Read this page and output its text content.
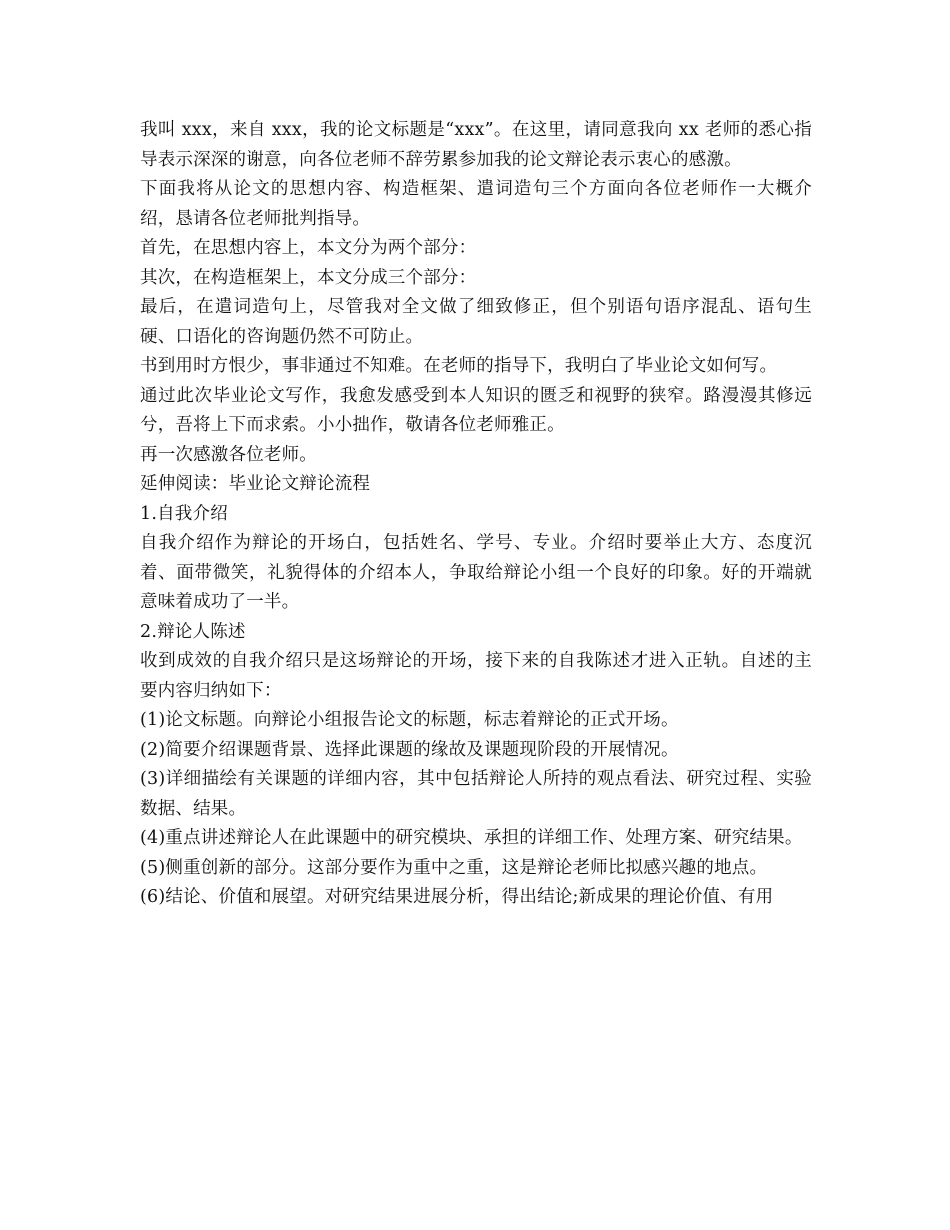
我叫 xxx，来自 xxx，我的论文标题是“xxx”。在这里，请同意我向 xx 老师的悉心指导表示深深的谢意，向各位老师不辞劳累参加我的论文辩论表示衷心的感激。

下面我将从论文的思想内容、构造框架、遣词造句三个方面向各位老师作一大概介绍，恳请各位老师批判指导。

首先，在思想内容上，本文分为两个部分：

其次，在构造框架上，本文分成三个部分：

最后，在遣词造句上，尽管我对全文做了细致修正，但个别语句语序混乱、语句生硬、口语化的咨询题仍然不可防止。

书到用时方恨少，事非通过不知难。在老师的指导下，我明白了毕业论文如何写。

通过此次毕业论文写作，我愈发感受到本人知识的匮乏和视野的狭窄。路漫漫其修远兮，吾将上下而求索。小小拙作，敬请各位老师雅正。

再一次感激各位老师。

延伸阅读：毕业论文辩论流程

1.自我介绍

自我介绍作为辩论的开场白，包括姓名、学号、专业。介绍时要举止大方、态度沉着、面带微笑，礼貌得体的介绍本人，争取给辩论小组一个良好的印象。好的开端就意味着成功了一半。

2.辩论人陈述

收到成效的自我介绍只是这场辩论的开场，接下来的自我陈述才进入正轨。自述的主要内容归纳如下：

(1)论文标题。向辩论小组报告论文的标题，标志着辩论的正式开场。

(2)简要介绍课题背景、选择此课题的缘故及课题现阶段的开展情况。

(3)详细描绘有关课题的详细内容，其中包括辩论人所持的观点看法、研究过程、实验数据、结果。

(4)重点讲述辩论人在此课题中的研究模块、承担的详细工作、处理方案、研究结果。

(5)侧重创新的部分。这部分要作为重中之重，这是辩论老师比拟感兴趣的地点。

(6)结论、价值和展望。对研究结果进展分析，得出结论;新成果的理论价值、有用
